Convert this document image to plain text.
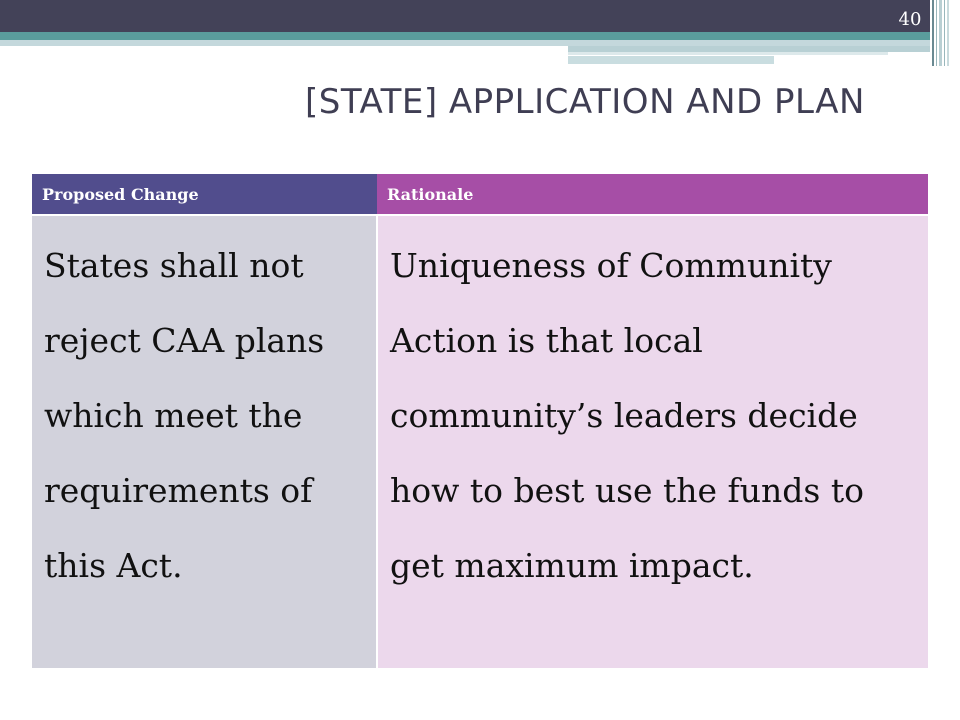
40
[STATE] APPLICATION AND PLAN
Proposed Change	Rationale
States shall not reject CAA plans which meet the requirements of this Act.	Uniqueness of Community Action is that local community’s leaders decide how to best use the funds to get maximum impact.
